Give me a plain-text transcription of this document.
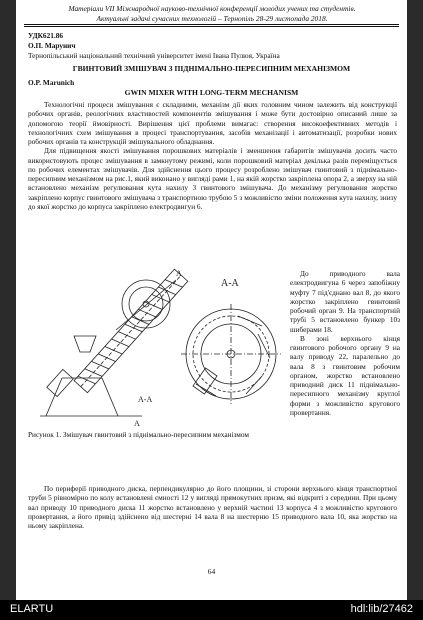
Матеріали VII Міжнародної науково-технічної конференції молодих учених та студентів.
Актуальні задачі сучасних технологій – Тернопіль 28-29 листопада 2018.
УДК621.86
О.П. Марунич
Тернопільський національний технічний університет імені Івана Пулюя, Україна
ГВИНТОВИЙ ЗМІШУВАЧ З ПІДНІМАЛЬНО-ПЕРЕСИПНИМ МЕХАНІЗМОМ
O.P. Marunich
GWIN MIXER WITH LONG-TERM MECHANISM

Технологічні процеси змішування є складними, механізм дії яких головним чином залежить від конструкції робочих органів, реологічних властивостей компонентів змішування і може бути достовірно описаний лише за допомогою теорії ймовірності. Вирішення цієї проблеми вимагає: створення високоефективних методів і технологічних схем змішування в процесі транспортування, засобів механізації і автоматизації, розробки нових робочих органів та конструкцій змішувального обладнання.

Для підвищення якості змішування порошкових матеріалів і зменшення габаритів змішувачів досить часто використовують процес змішування в замкнутому режимі, коли порошковий матеріал декілька разів переміщується по робочих елементах змішувачів. Для здійснення цього процесу розроблено змішувач гвинтовий з піднімально-пересипним механізмом на рис.1, який виконано у вигляді рами 1, на якій жорстко закріплена опора 2, а зверху на ній встановлено механізм регулювання кута нахилу 3 гвинтового змішувача. До механізму регулювання жорстко закріплено корпус гвинтового змішувача з транспортною трубою 5 з можливістю зміни положення кута нахилу, знизу до якої жорстко до корпуса закріплено електродвигун 6.

До приводного вала електродвигуна 6 через запобіжну муфту 7 під'єднано вал 8, до якого жорстко закріплено гвинтовий робочий орган 9. На транспортній трубі 5 встановлено бункер 10з шиберами 18.

В зоні верхнього кінця гвинтового робочого органу 9 на валу приводу 22, паралельно до вала 8 з гвинтовим робочим органом, жорстко встановлено приводний диск 11 піднімально-пересипного механізму круглої форми з можливістю кругового провертання.

А-А
A-A
А
А
Рисунок 1. Змішувач гвинтовий з піднімально-пересипним механізмом

По периферії приводного диска, перпендикулярно до його площини, зі сторони верхнього кінця транспортної труби 5 рівномірно по колу встановлені ємності 12 у вигляді прямокутних призм, які відкриті з середини. При цьому вал приводу 10 приводного диска 11 жорстко встановлено у верхній частині 13 корпуса 4 з можливістю кругового провертання, а його привід здійснено від шестерні 14 вала 8 на шестерню 15 приводного вала 10, яка жорстко на ньому закріплена.

64
ELARTU	hdl:lib/27462
